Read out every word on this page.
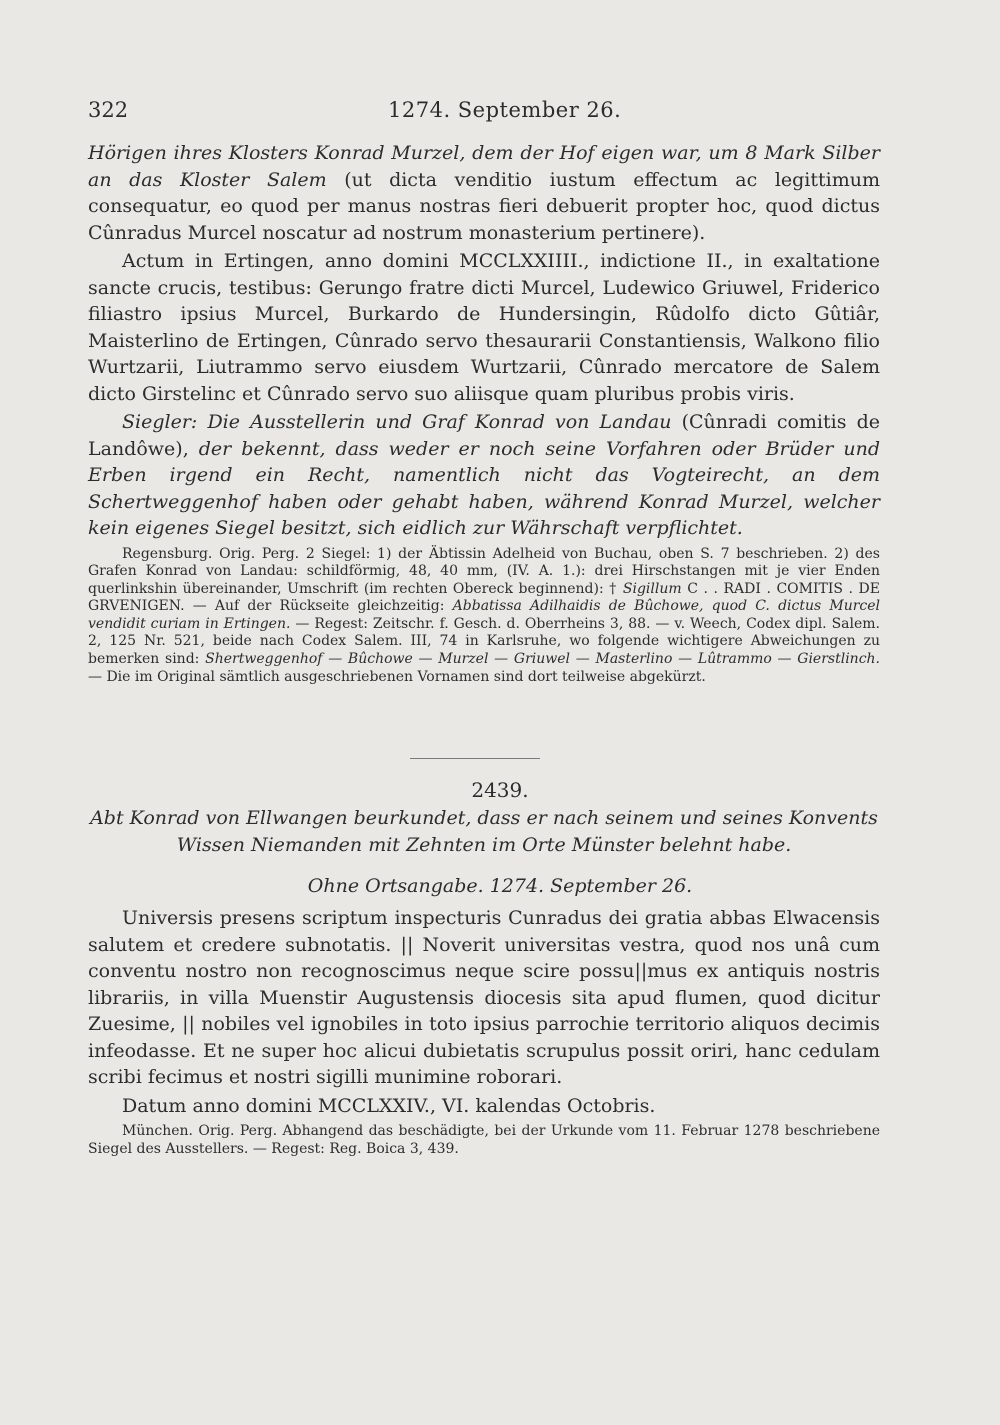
322	1274. September 26.

Hörigen ihres Klosters Konrad Murzel, dem der Hof eigen war, um 8 Mark Silber an das Kloster Salem (ut dicta venditio iustum effectum ac legittimum consequatur, eo quod per manus nostras fieri debuerit propter hoc, quod dictus Cûnradus Murcel noscatur ad nostrum monasterium pertinere).

Actum in Ertingen, anno domini MCCLXXIIII., indictione II., in exaltatione sancte crucis, testibus: Gerungo fratre dicti Murcel, Ludewico Griuwel, Friderico filiastro ipsius Murcel, Burkardo de Hundersingin, Rûdolfo dicto Gûtiâr, Maisterlino de Ertingen, Cûnrado servo thesaurarii Constantiensis, Walkono filio Wurtzarii, Liutrammo servo eiusdem Wurtzarii, Cûnrado mercatore de Salem dicto Girstelinc et Cûnrado servo suo aliisque quam pluribus probis viris.

Siegler: Die Ausstellerin und Graf Konrad von Landau (Cûnradi comitis de Landôwe), der bekennt, dass weder er noch seine Vorfahren oder Brüder und Erben irgend ein Recht, namentlich nicht das Vogteirecht, an dem Schertweggenhof haben oder gehabt haben, während Konrad Murzel, welcher kein eigenes Siegel besitzt, sich eidlich zur Währschaft verpflichtet.

Regensburg. Orig. Perg. 2 Siegel: 1) der Äbtissin Adelheid von Buchau, oben S. 7 beschrieben. 2) des Grafen Konrad von Landau: schildförmig, 48, 40 mm, (IV. A. 1.): drei Hirschstangen mit je vier Enden querlinkshin übereinander, Umschrift (im rechten Obereck beginnend): † Sigillum C . . RADI . COMITIS . DE GRVENIGEN. — Auf der Rückseite gleichzeitig: Abbatissa Adilhaidis de Bûchowe, quod C. dictus Murcel vendidit curiam in Ertingen. — Regest: Zeitschr. f. Gesch. d. Oberrheins 3, 88. — v. Weech, Codex dipl. Salem. 2, 125 Nr. 521, beide nach Codex Salem. III, 74 in Karlsruhe, wo folgende wichtigere Abweichungen zu bemerken sind: Shertweggenhof — Bûchowe — Murzel — Griuwel — Masterlino — Lûtrammo — Gierstlinch. — Die im Original sämtlich ausgeschriebenen Vornamen sind dort teilweise abgekürzt.

2439.

Abt Konrad von Ellwangen beurkundet, dass er nach seinem und seines Konvents Wissen Niemanden mit Zehnten im Orte Münster belehnt habe.

Ohne Ortsangabe. 1274. September 26.

Universis presens scriptum inspecturis Cunradus dei gratia abbas Elwacensis salutem et credere subnotatis. || Noverit universitas vestra, quod nos unâ cum conventu nostro non recognoscimus neque scire possu||mus ex antiquis nostris librariis, in villa Muenstir Augustensis diocesis sita apud flumen, quod dicitur Zuesime, || nobiles vel ignobiles in toto ipsius parrochie territorio aliquos decimis infeodasse. Et ne super hoc alicui dubietatis scrupulus possit oriri, hanc cedulam scribi fecimus et nostri sigilli munimine roborari.

Datum anno domini MCCLXXIV., VI. kalendas Octobris.

München. Orig. Perg. Abhangend das beschädigte, bei der Urkunde vom 11. Februar 1278 beschriebene Siegel des Ausstellers. — Regest: Reg. Boica 3, 439.
